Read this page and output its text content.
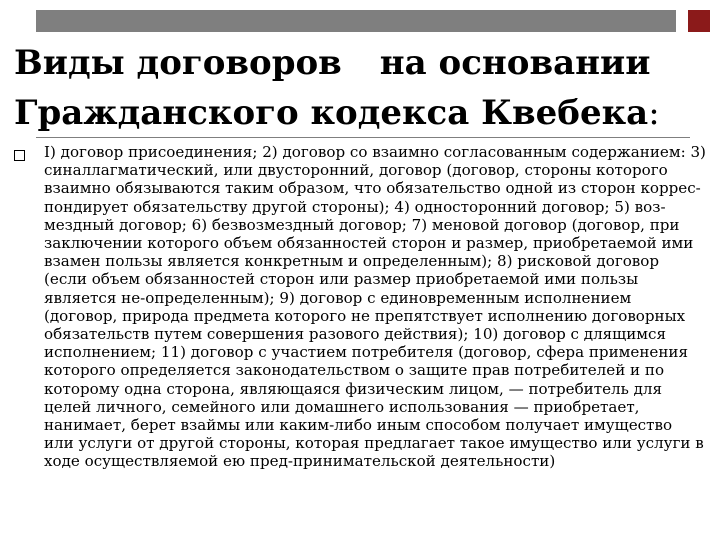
Виды договоров на основании
Гражданского кодекса Квебека:

I) договор присоединения; 2) договор со взаимно согласованным содержанием: 3) синаллагматический, или двусторонний, договор (договор, стороны которого взаимно обязываются таким образом, что обязательство одной из сторон коррес-пондирует обязательству другой стороны); 4) односторонний договор; 5) воз-мездный договор; 6) безвозмездный договор; 7) меновой договор (договор, при заключении которого объем обязанностей сторон и размер, приобретаемой ими взамен пользы является конкретным и определенным); 8) рисковой договор (если объем обязанностей сторон или размер приобретаемой ими пользы является не-определенным); 9) договор с единовременным исполнением (договор, природа предмета которого не препятствует исполнению договорных обязательств путем совершения разового действия); 10) договор с длящимся исполнением; 11) договор с участием потребителя (договор, сфера применения которого определяется законодательством о защите прав потребителей и по которому одна сторона, являющаяся физическим лицом, — потребитель для целей личного, семейного или домашнего использования — приобретает, нанимает, берет взаймы или каким-либо иным способом получает имущество или услуги от другой стороны, которая предлагает такое имущество или услуги в ходе осуществляемой ею пред-принимательской деятельности)
